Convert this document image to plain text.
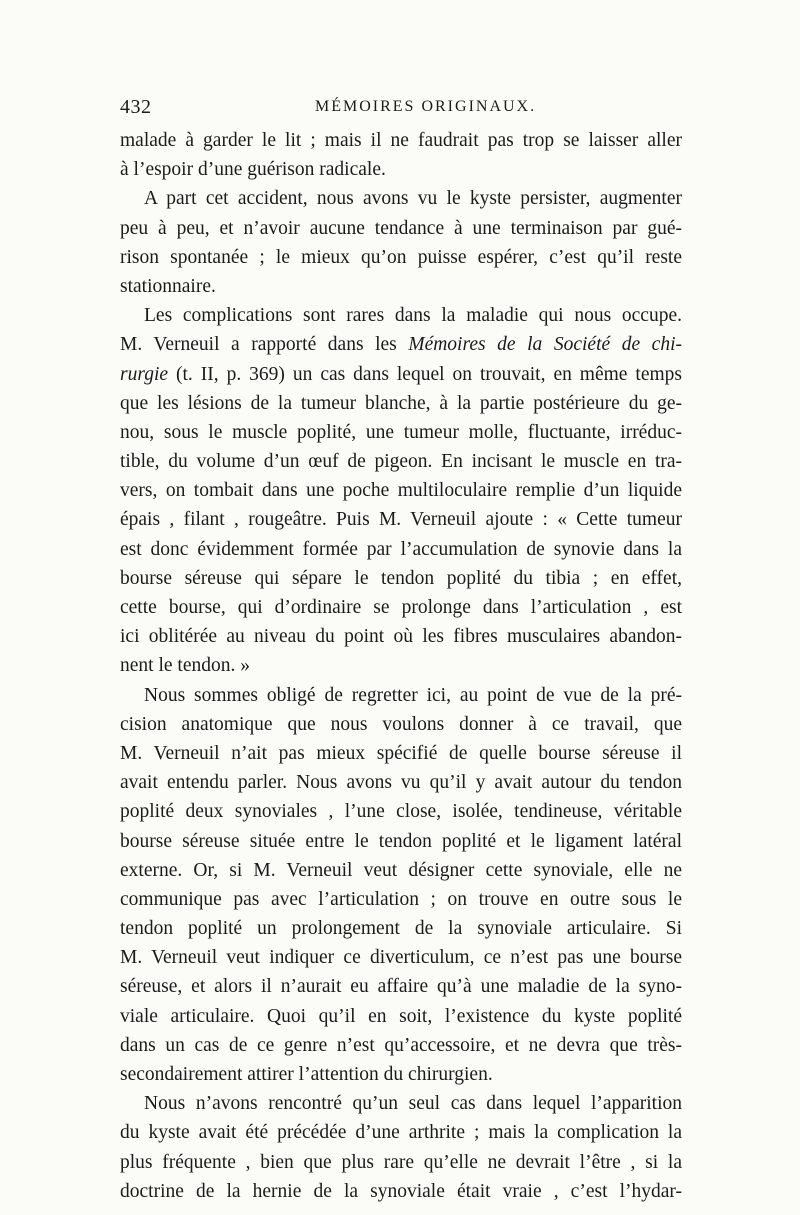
432	MÉMOIRES ORIGINAUX.
malade à garder le lit ; mais il ne faudrait pas trop se laisser aller
à l’espoir d’une guérison radicale.
A part cet accident, nous avons vu le kyste persister, augmenter
peu à peu, et n’avoir aucune tendance à une terminaison par gué-
rison spontanée ; le mieux qu’on puisse espérer, c’est qu’il reste
stationnaire.
Les complications sont rares dans la maladie qui nous occupe.
M. Verneuil a rapporté dans les Mémoires de la Société de chi-
rurgie (t. II, p. 369) un cas dans lequel on trouvait, en même temps
que les lésions de la tumeur blanche, à la partie postérieure du ge-
nou, sous le muscle poplité, une tumeur molle, fluctuante, irréduc-
tible, du volume d’un œuf de pigeon. En incisant le muscle en tra-
vers, on tombait dans une poche multiloculaire remplie d’un liquide
épais , filant , rougeâtre. Puis M. Verneuil ajoute : « Cette tumeur
est donc évidemment formée par l’accumulation de synovie dans la
bourse séreuse qui sépare le tendon poplité du tibia ; en effet,
cette bourse, qui d’ordinaire se prolonge dans l’articulation , est
ici oblitérée au niveau du point où les fibres musculaires abandon-
nent le tendon. »
Nous sommes obligé de regretter ici, au point de vue de la pré-
cision anatomique que nous voulons donner à ce travail, que
M. Verneuil n’ait pas mieux spécifié de quelle bourse séreuse il
avait entendu parler. Nous avons vu qu’il y avait autour du tendon
poplité deux synoviales , l’une close, isolée, tendineuse, véritable
bourse séreuse située entre le tendon poplité et le ligament latéral
externe. Or, si M. Verneuil veut désigner cette synoviale, elle ne
communique pas avec l’articulation ; on trouve en outre sous le
tendon poplité un prolongement de la synoviale articulaire. Si
M. Verneuil veut indiquer ce diverticulum, ce n’est pas une bourse
séreuse, et alors il n’aurait eu affaire qu’à une maladie de la syno-
viale articulaire. Quoi qu’il en soit, l’existence du kyste poplité
dans un cas de ce genre n’est qu’accessoire, et ne devra que très-
secondairement attirer l’attention du chirurgien.
Nous n’avons rencontré qu’un seul cas dans lequel l’apparition
du kyste avait été précédée d’une arthrite ; mais la complication la
plus fréquente , bien que plus rare qu’elle ne devrait l’être , si la
doctrine de la hernie de la synoviale était vraie , c’est l’hydar-
